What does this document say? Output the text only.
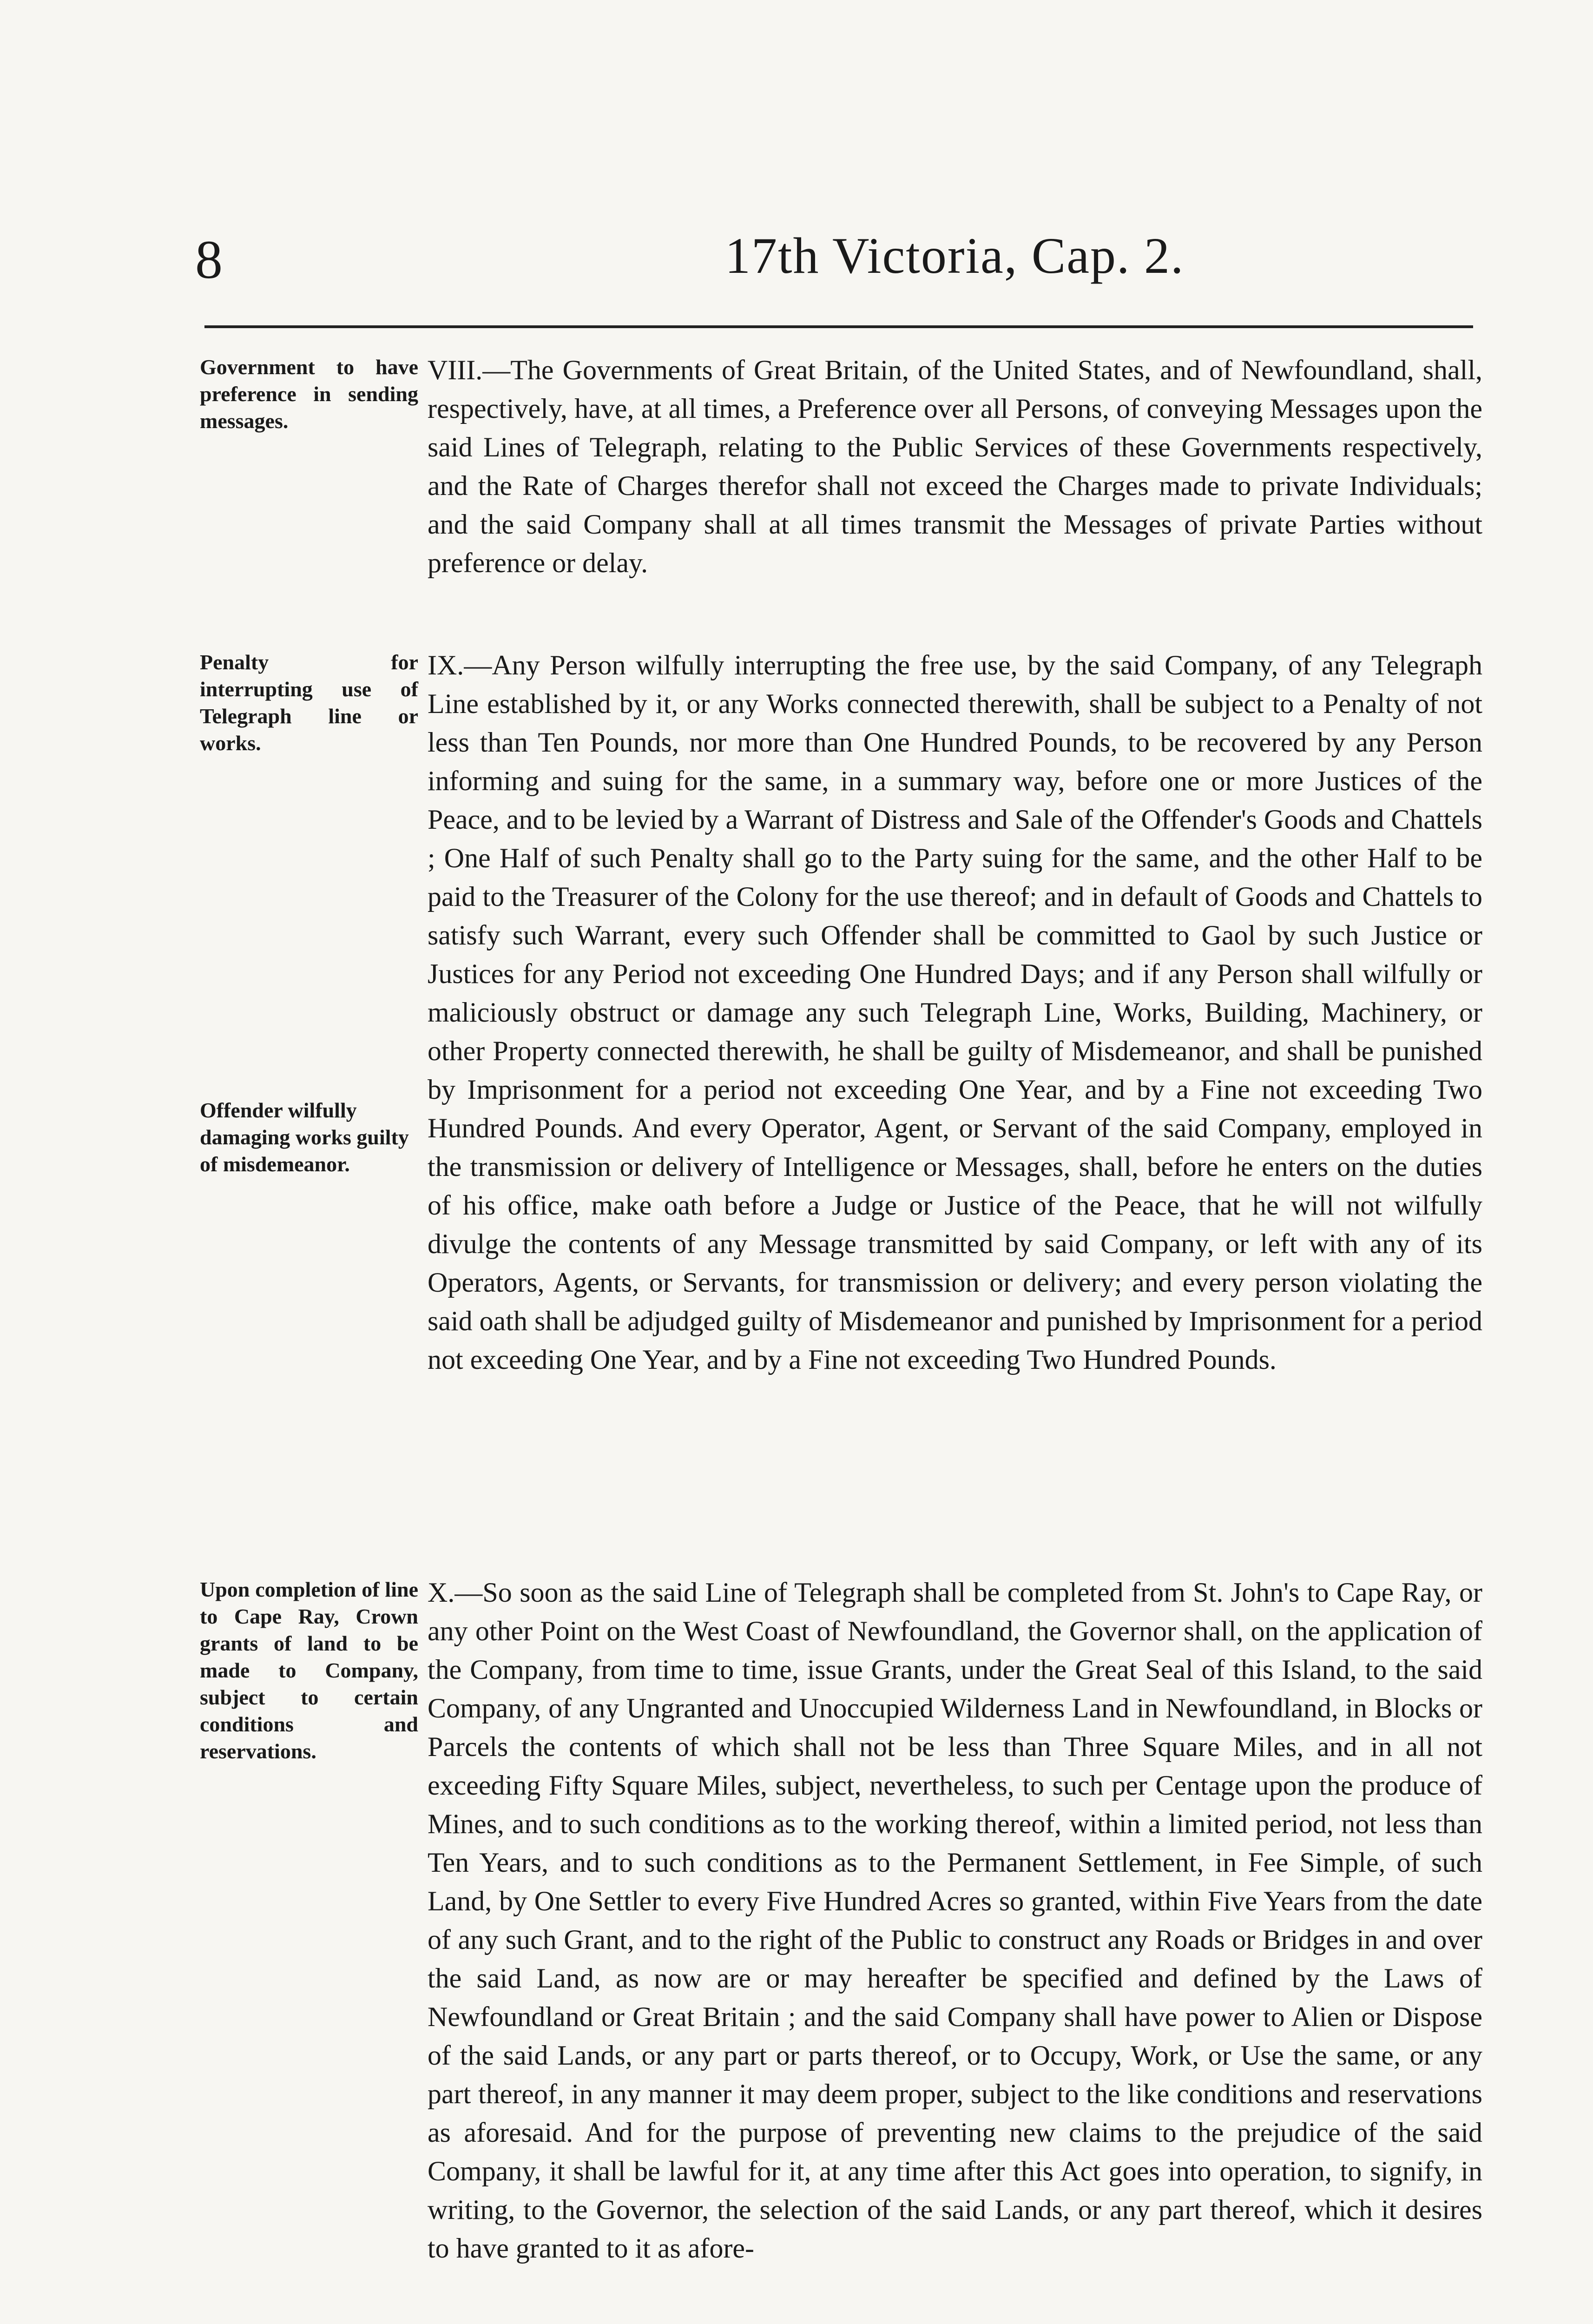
8	17th Victoria, Cap. 2.
Government to have preference in sending messages.
VIII.—The Governments of Great Britain, of the United States, and of Newfoundland, shall, respectively, have, at all times, a Preference over all Persons, of conveying Messages upon the said Lines of Telegraph, relating to the Public Services of these Governments respectively, and the Rate of Charges therefor shall not exceed the Charges made to private Individuals; and the said Company shall at all times transmit the Messages of private Parties without preference or delay.
Penalty for interrupting use of Telegraph line or works.
Offender wilfully damaging works guilty of misdemeanor.
IX.—Any Person wilfully interrupting the free use, by the said Company, of any Telegraph Line established by it, or any Works connected therewith, shall be subject to a Penalty of not less than Ten Pounds, nor more than One Hundred Pounds, to be recovered by any Person informing and suing for the same, in a summary way, before one or more Justices of the Peace, and to be levied by a Warrant of Distress and Sale of the Offender's Goods and Chattels ; One Half of such Penalty shall go to the Party suing for the same, and the other Half to be paid to the Treasurer of the Colony for the use thereof; and in default of Goods and Chattels to satisfy such Warrant, every such Offender shall be committed to Gaol by such Justice or Justices for any Period not exceeding One Hundred Days; and if any Person shall wilfully or maliciously obstruct or damage any such Telegraph Line, Works, Building, Machinery, or other Property connected therewith, he shall be guilty of Misdemeanor, and shall be punished by Imprisonment for a period not exceeding One Year, and by a Fine not exceeding Two Hundred Pounds. And every Operator, Agent, or Servant of the said Company, employed in the transmission or delivery of Intelligence or Messages, shall, before he enters on the duties of his office, make oath before a Judge or Justice of the Peace, that he will not wilfully divulge the contents of any Message transmitted by said Company, or left with any of its Operators, Agents, or Servants, for transmission or delivery; and every person violating the said oath shall be adjudged guilty of Misdemeanor and punished by Imprisonment for a period not exceeding One Year, and by a Fine not exceeding Two Hundred Pounds.
Upon completion of line to Cape Ray, Crown grants of land to be made to Company, subject to certain conditions and reservations.
X.—So soon as the said Line of Telegraph shall be completed from St. John's to Cape Ray, or any other Point on the West Coast of Newfoundland, the Governor shall, on the application of the Company, from time to time, issue Grants, under the Great Seal of this Island, to the said Company, of any Ungranted and Unoccupied Wilderness Land in Newfoundland, in Blocks or Parcels the contents of which shall not be less than Three Square Miles, and in all not exceeding Fifty Square Miles, subject, nevertheless, to such per Centage upon the produce of Mines, and to such conditions as to the working thereof, within a limited period, not less than Ten Years, and to such conditions as to the Permanent Settlement, in Fee Simple, of such Land, by One Settler to every Five Hundred Acres so granted, within Five Years from the date of any such Grant, and to the right of the Public to construct any Roads or Bridges in and over the said Land, as now are or may hereafter be specified and defined by the Laws of Newfoundland or Great Britain ; and the said Company shall have power to Alien or Dispose of the said Lands, or any part or parts thereof, or to Occupy, Work, or Use the same, or any part thereof, in any manner it may deem proper, subject to the like conditions and reservations as aforesaid. And for the purpose of preventing new claims to the prejudice of the said Company, it shall be lawful for it, at any time after this Act goes into operation, to signify, in writing, to the Governor, the selection of the said Lands, or any part thereof, which it desires to have granted to it as afore-
